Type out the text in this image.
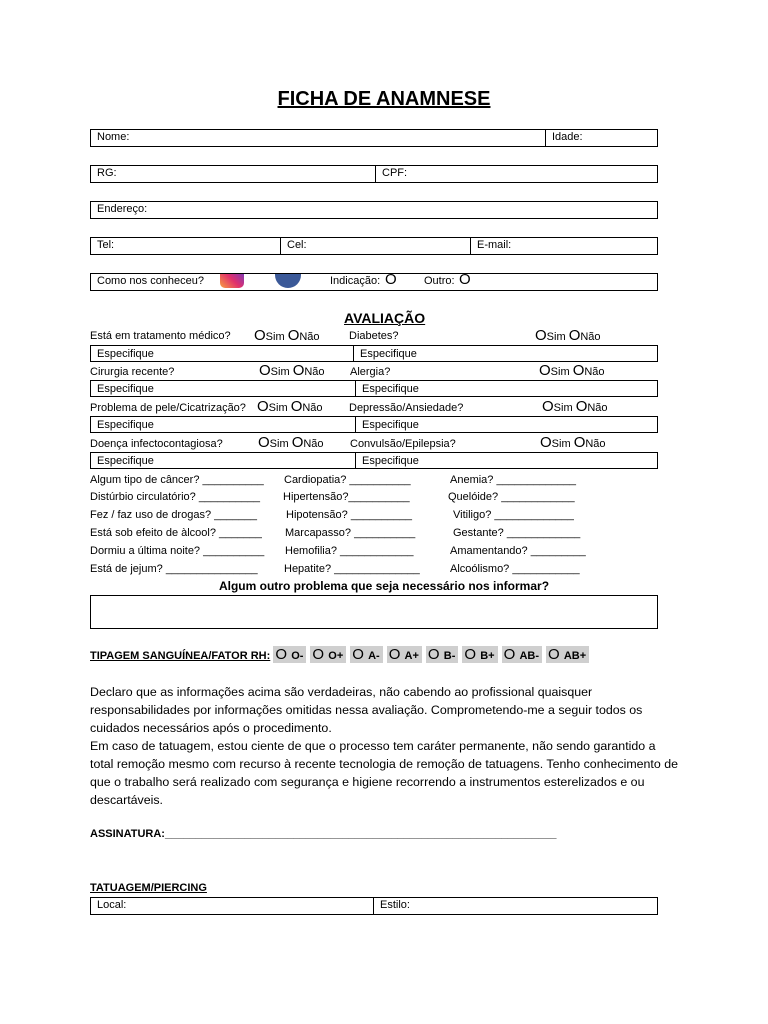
FICHA DE ANAMNESE
Nome:	Idade:
RG:	CPF:
Endereço:
Tel:	Cel:	E-mail:
Como nos conheceu?	Indicação: O Outro: O
AVALIAÇÃO
Está em tratamento médico? OSim ONão	Diabetes?	OSim ONão
Especifique	Especifique
Cirurgia recente?	OSim ONão Alergia?	OSim ONão
Especifique	Especifique
Problema de pele/Cicatrização? OSim ONão Depressão/Ansiedade?	OSim ONão
Especifique	Especifique
Doença infectocontagiosa? OSim ONão Convulsão/Epilepsia?	OSim ONão
Especifique	Especifique
Algum tipo de câncer? __________ Cardiopatia? __________	Anemia? _____________
Distúrbio circulatório? __________ Hipertensão?__________	Quelóide? ____________
Fez / faz uso de drogas? _______	Hipotensão? __________	Vitiligo? _____________
Está sob efeito de àlcool? _______ Marcapasso? __________	Gestante? ____________
Dormiu a última noite? __________ Hemofilia? ____________	Amamentando? _________
Está de jejum? _______________ Hepatite? ______________	Alcoólismo? ___________
Algum outro problema que seja necessário nos informar?
TIPAGEM SANGUÍNEA/FATOR RH: O O- O O+ O A- O A+ O B- O B+ O AB- O AB+

Declaro que as informações acima são verdadeiras, não cabendo ao profissional quaisquer responsabilidades por informações omitidas nessa avaliação. Comprometendo-me a seguir todos os cuidados necessários após o procedimento.

Em caso de tatuagem, estou ciente de que o processo tem caráter permanente, não sendo garantido a total remoção mesmo com recurso à recente tecnologia de remoção de tatuagens. Tenho conhecimento de que o trabalho será realizado com segurança e higiene recorrendo a instrumentos esterelizados e ou descartáveis.

ASSINATURA:________________________________________________________________
TATUAGEM/PIERCING
Local:	Estilo:
